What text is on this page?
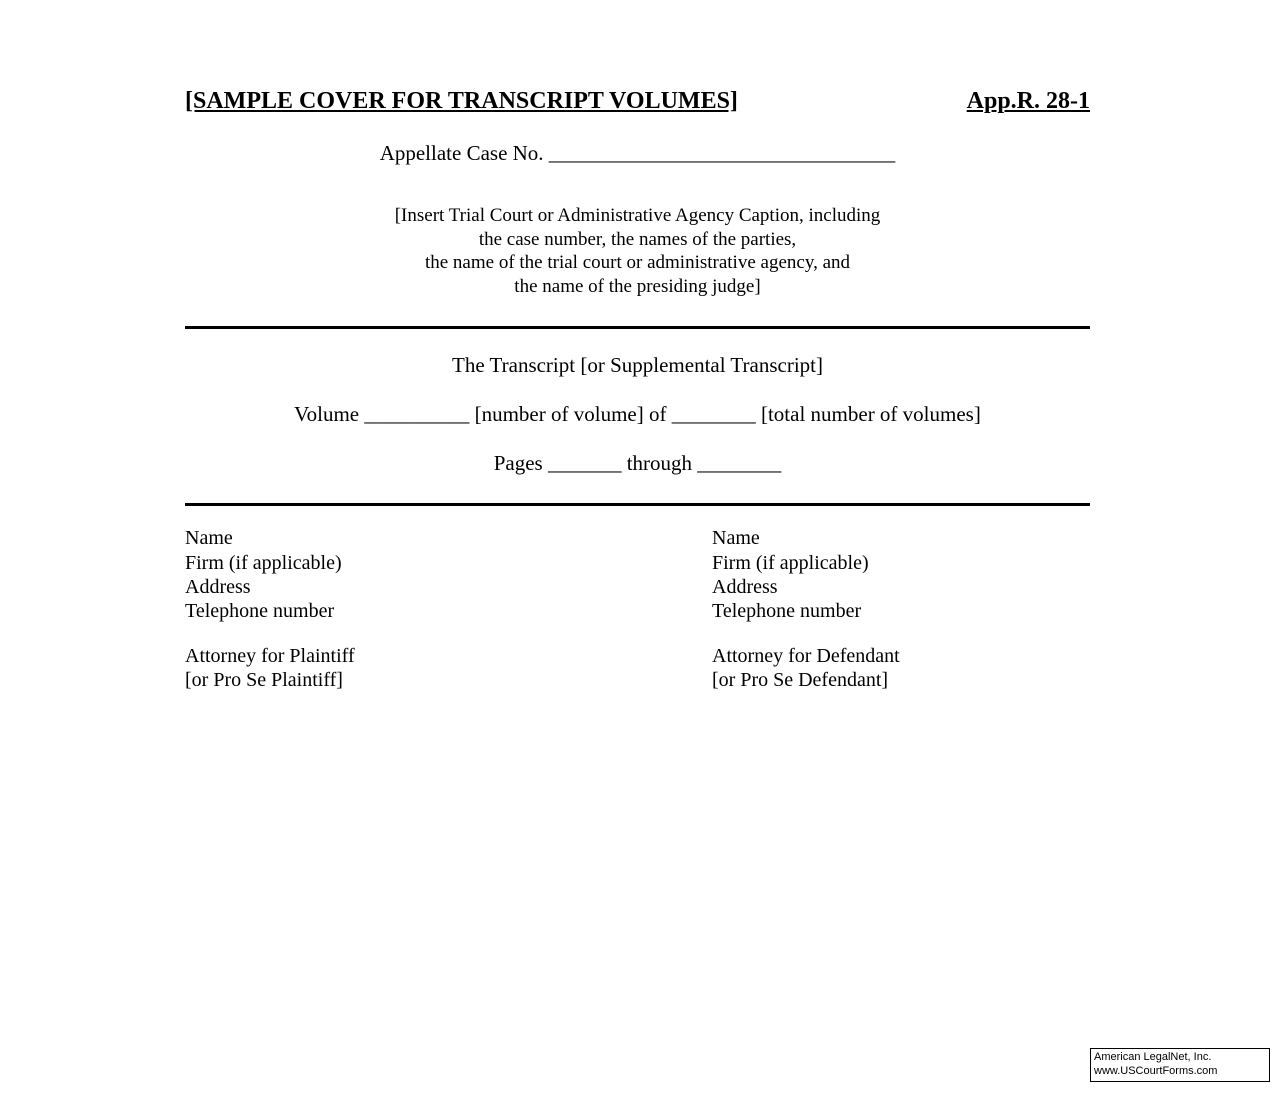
[SAMPLE COVER FOR TRANSCRIPT VOLUMES]	App.R. 28-1
Appellate Case No. _________________________________
[Insert Trial Court or Administrative Agency Caption, including
the case number, the names of the parties,
the name of the trial court or administrative agency, and
the name of the presiding judge]
The Transcript [or Supplemental Transcript]
Volume __________ [number of volume] of ________ [total number of volumes]
Pages _______ through ________
Name
Firm (if applicable)
Address
Telephone number
Attorney for Plaintiff
[or Pro Se Plaintiff]
Name
Firm (if applicable)
Address
Telephone number
Attorney for Defendant
[or Pro Se Defendant]
American LegalNet, Inc.
www.USCourtForms.com
